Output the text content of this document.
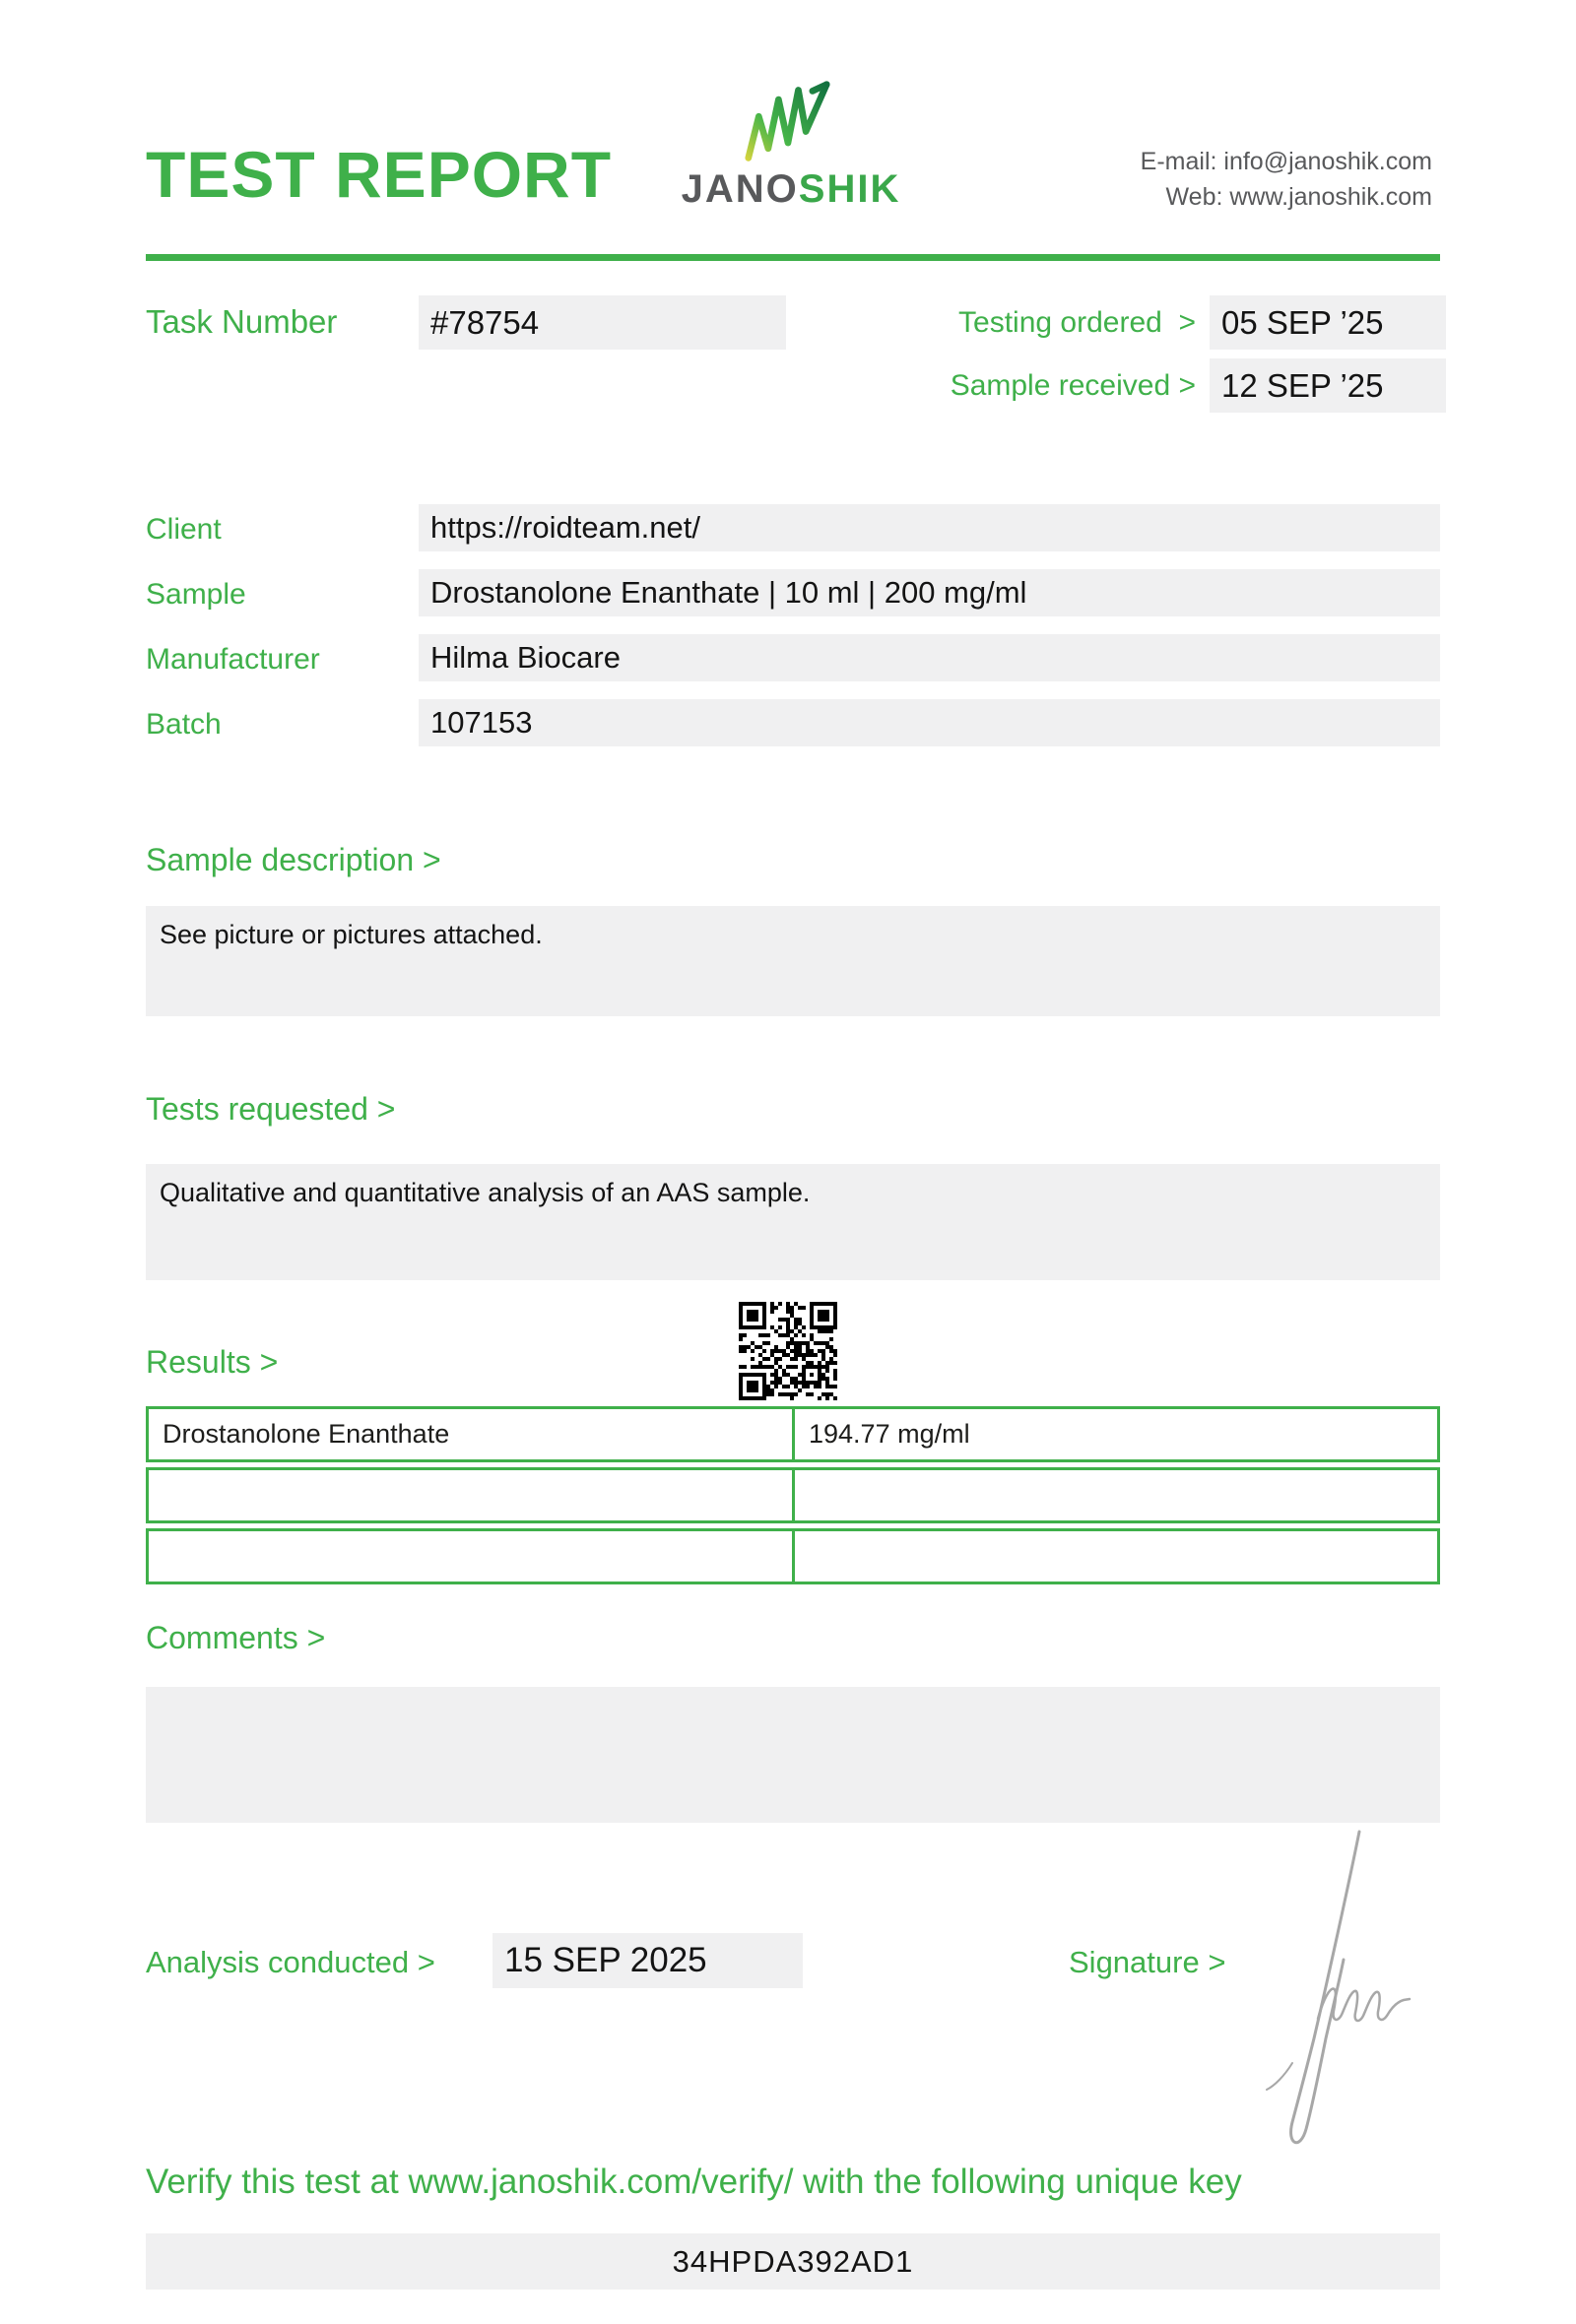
TEST REPORT JANOSHIK
E-mail: info@janoshik.com
Web: www.janoshik.com
Task Number	#78754	Testing ordered  > 05 SEP ’25
Sample received > 12 SEP ’25
Client	https://roidteam.net/
Sample	Drostanolone Enanthate | 10 ml | 200 mg/ml
Manufacturer	Hilma Biocare
Batch	107153
Sample description >
See picture or pictures attached.
Tests requested >
Qualitative and quantitative analysis of an AAS sample.
Results >
Drostanolone Enanthate	194.77 mg/ml
Comments >
Analysis conducted >	15 SEP 2025	Signature >
Verify this test at www.janoshik.com/verify/ with the following unique key
34HPDA392AD1
